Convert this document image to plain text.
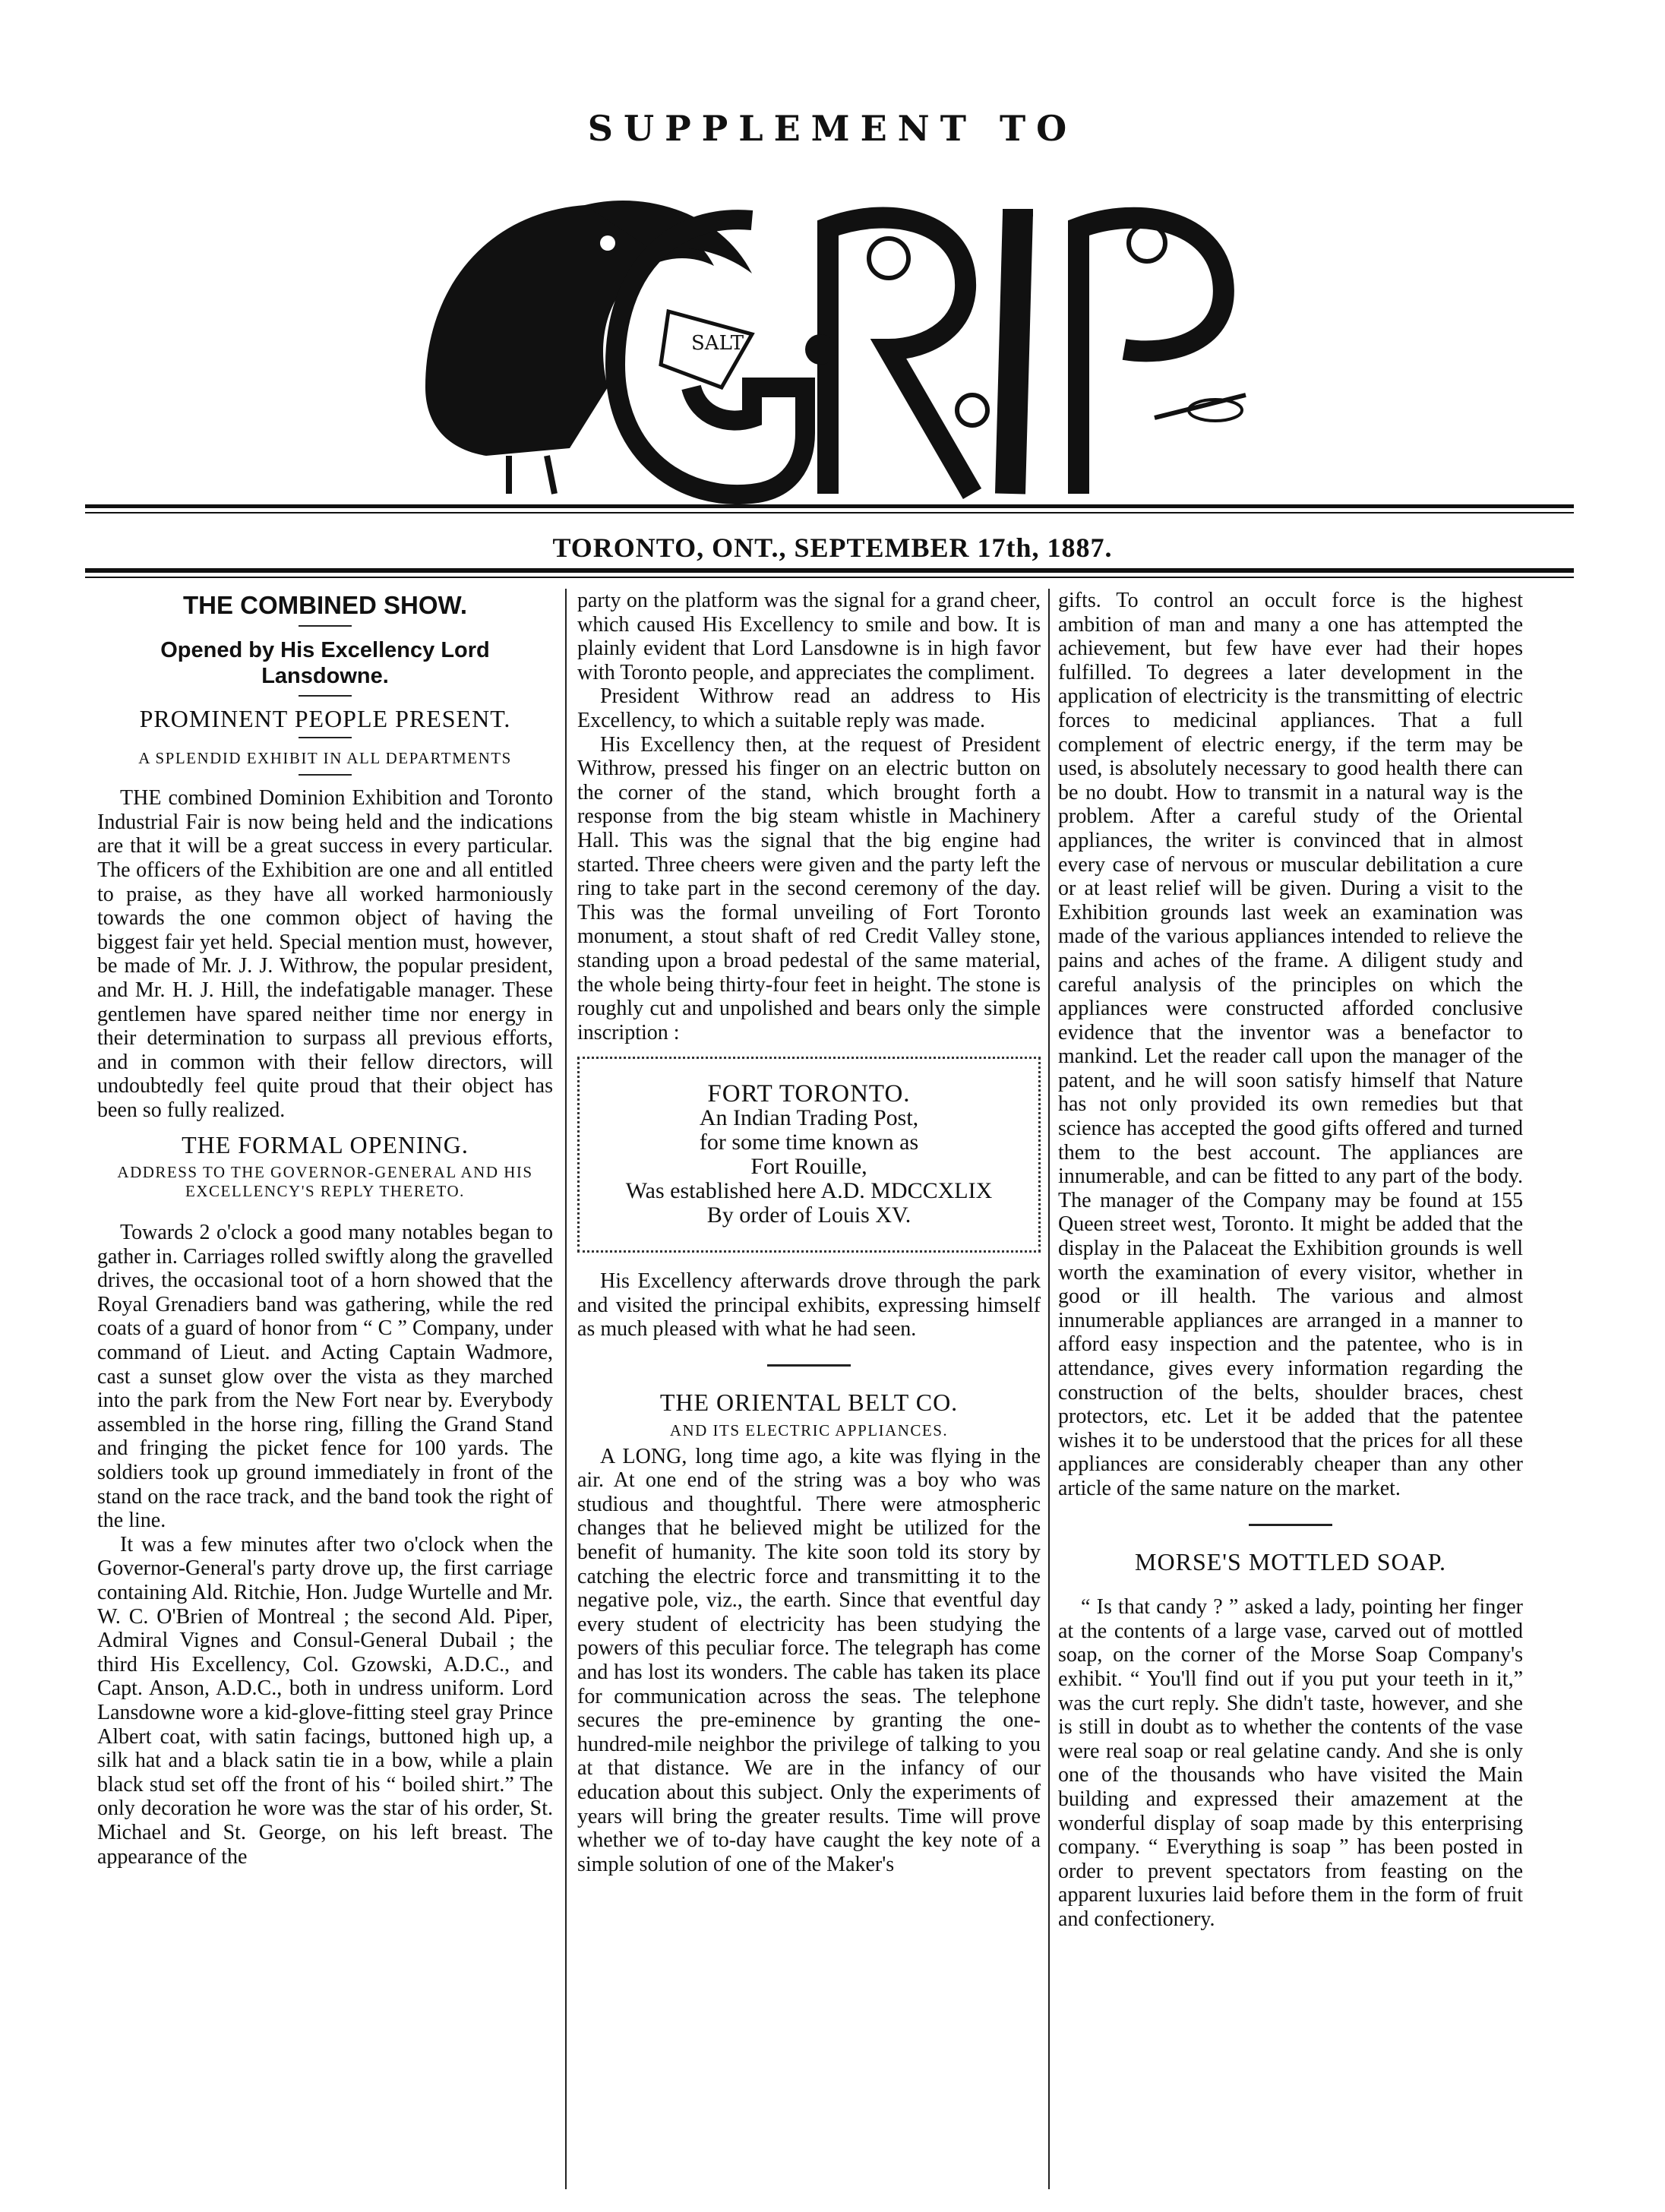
SUPPLEMENT TO
SALT
TORONTO, ONT., SEPTEMBER 17th, 1887.
THE COMBINED SHOW.
Opened by His Excellency Lord Lansdowne.
PROMINENT PEOPLE PRESENT.
A SPLENDID EXHIBIT IN ALL DEPARTMENTS

THE combined Dominion Exhibition and Toronto Industrial Fair is now being held and the indications are that it will be a great success in every particular. The officers of the Exhibition are one and all entitled to praise, as they have all worked harmoniously towards the one common object of having the biggest fair yet held. Special mention must, however, be made of Mr. J. J. Withrow, the popular president, and Mr. H. J. Hill, the indefatigable manager. These gentlemen have spared neither time nor energy in their determination to surpass all previous efforts, and in common with their fellow directors, will undoubtedly feel quite proud that their object has been so fully realized.

THE FORMAL OPENING.
ADDRESS TO THE GOVERNOR-GENERAL AND HIS EXCELLENCY'S REPLY THERETO.

Towards 2 o'clock a good many notables began to gather in. Carriages rolled swiftly along the gravelled drives, the occasional toot of a horn showed that the Royal Grenadiers band was gathering, while the red coats of a guard of honor from “ C ” Company, under command of Lieut. and Acting Captain Wadmore, cast a sunset glow over the vista as they marched into the park from the New Fort near by. Everybody assembled in the horse ring, filling the Grand Stand and fringing the picket fence for 100 yards. The soldiers took up ground immediately in front of the stand on the race track, and the band took the right of the line.

It was a few minutes after two o'clock when the Governor-General's party drove up, the first carriage containing Ald. Ritchie, Hon. Judge Wurtelle and Mr. W. C. O'Brien of Montreal ; the second Ald. Piper, Admiral Vignes and Consul-General Dubail ; the third His Excellency, Col. Gzowski, A.D.C., and Capt. Anson, A.D.C., both in undress uniform. Lord Lansdowne wore a kid-glove-fitting steel gray Prince Albert coat, with satin facings, buttoned high up, a silk hat and a black satin tie in a bow, while a plain black stud set off the front of his “ boiled shirt.” The only decoration he wore was the star of his order, St. Michael and St. George, on his left breast. The appearance of the

party on the platform was the signal for a grand cheer, which caused His Excellency to smile and bow. It is plainly evident that Lord Lansdowne is in high favor with Toronto people, and appreciates the compliment.

President Withrow read an address to His Excellency, to which a suitable reply was made.

His Excellency then, at the request of President Withrow, pressed his finger on an electric button on the corner of the stand, which brought forth a response from the big steam whistle in Machinery Hall. This was the signal that the big engine had started. Three cheers were given and the party left the ring to take part in the second ceremony of the day. This was the formal unveiling of Fort Toronto monument, a stout shaft of red Credit Valley stone, standing upon a broad pedestal of the same material, the whole being thirty-four feet in height. The stone is roughly cut and unpolished and bears only the simple inscription :

FORT TORONTO.
An Indian Trading Post,
for some time known as
Fort Rouille,
Was established here A.D. MDCCXLIX
By order of Louis XV.

His Excellency afterwards drove through the park and visited the principal exhibits, expressing himself as much pleased with what he had seen.

THE ORIENTAL BELT CO.
AND ITS ELECTRIC APPLIANCES.

A LONG, long time ago, a kite was flying in the air. At one end of the string was a boy who was studious and thoughtful. There were atmospheric changes that he believed might be utilized for the benefit of humanity. The kite soon told its story by catching the electric force and transmitting it to the negative pole, viz., the earth. Since that eventful day every student of electricity has been studying the powers of this peculiar force. The telegraph has come and has lost its wonders. The cable has taken its place for communication across the seas. The telephone secures the pre-eminence by granting the one-hundred-mile neighbor the privilege of talking to you at that distance. We are in the infancy of our education about this subject. Only the experiments of years will bring the greater results. Time will prove whether we of to-day have caught the key note of a simple solution of one of the Maker's

gifts. To control an occult force is the highest ambition of man and many a one has attempted the achievement, but few have ever had their hopes fulfilled. To degrees a later development in the application of electricity is the transmitting of electric forces to medicinal appliances. That a full complement of electric energy, if the term may be used, is absolutely necessary to good health there can be no doubt. How to transmit in a natural way is the problem. After a careful study of the Oriental appliances, the writer is convinced that in almost every case of nervous or muscular debilitation a cure or at least relief will be given. During a visit to the Exhibition grounds last week an examination was made of the various appliances intended to relieve the pains and aches of the frame. A diligent study and careful analysis of the principles on which the appliances were constructed afforded conclusive evidence that the inventor was a benefactor to mankind. Let the reader call upon the manager of the patent, and he will soon satisfy himself that Nature has not only provided its own remedies but that science has accepted the good gifts offered and turned them to the best account. The appliances are innumerable, and can be fitted to any part of the body. The manager of the Company may be found at 155 Queen street west, Toronto. It might be added that the display in the Palaceat the Exhibition grounds is well worth the examination of every visitor, whether in good or ill health. The various and almost innumerable appliances are arranged in a manner to afford easy inspection and the patentee, who is in attendance, gives every information regarding the construction of the belts, shoulder braces, chest protectors, etc. Let it be added that the patentee wishes it to be understood that the prices for all these appliances are considerably cheaper than any other article of the same nature on the market.

MORSE'S MOTTLED SOAP.

“ Is that candy ? ” asked a lady, pointing her finger at the contents of a large vase, carved out of mottled soap, on the corner of the Morse Soap Company's exhibit. “ You'll find out if you put your teeth in it,” was the curt reply. She didn't taste, however, and she is still in doubt as to whether the contents of the vase were real soap or real gelatine candy. And she is only one of the thousands who have visited the Main building and expressed their amazement at the wonderful display of soap made by this enterprising company. “ Everything is soap ” has been posted in order to prevent spectators from feasting on the apparent luxuries laid before them in the form of fruit and confectionery.
